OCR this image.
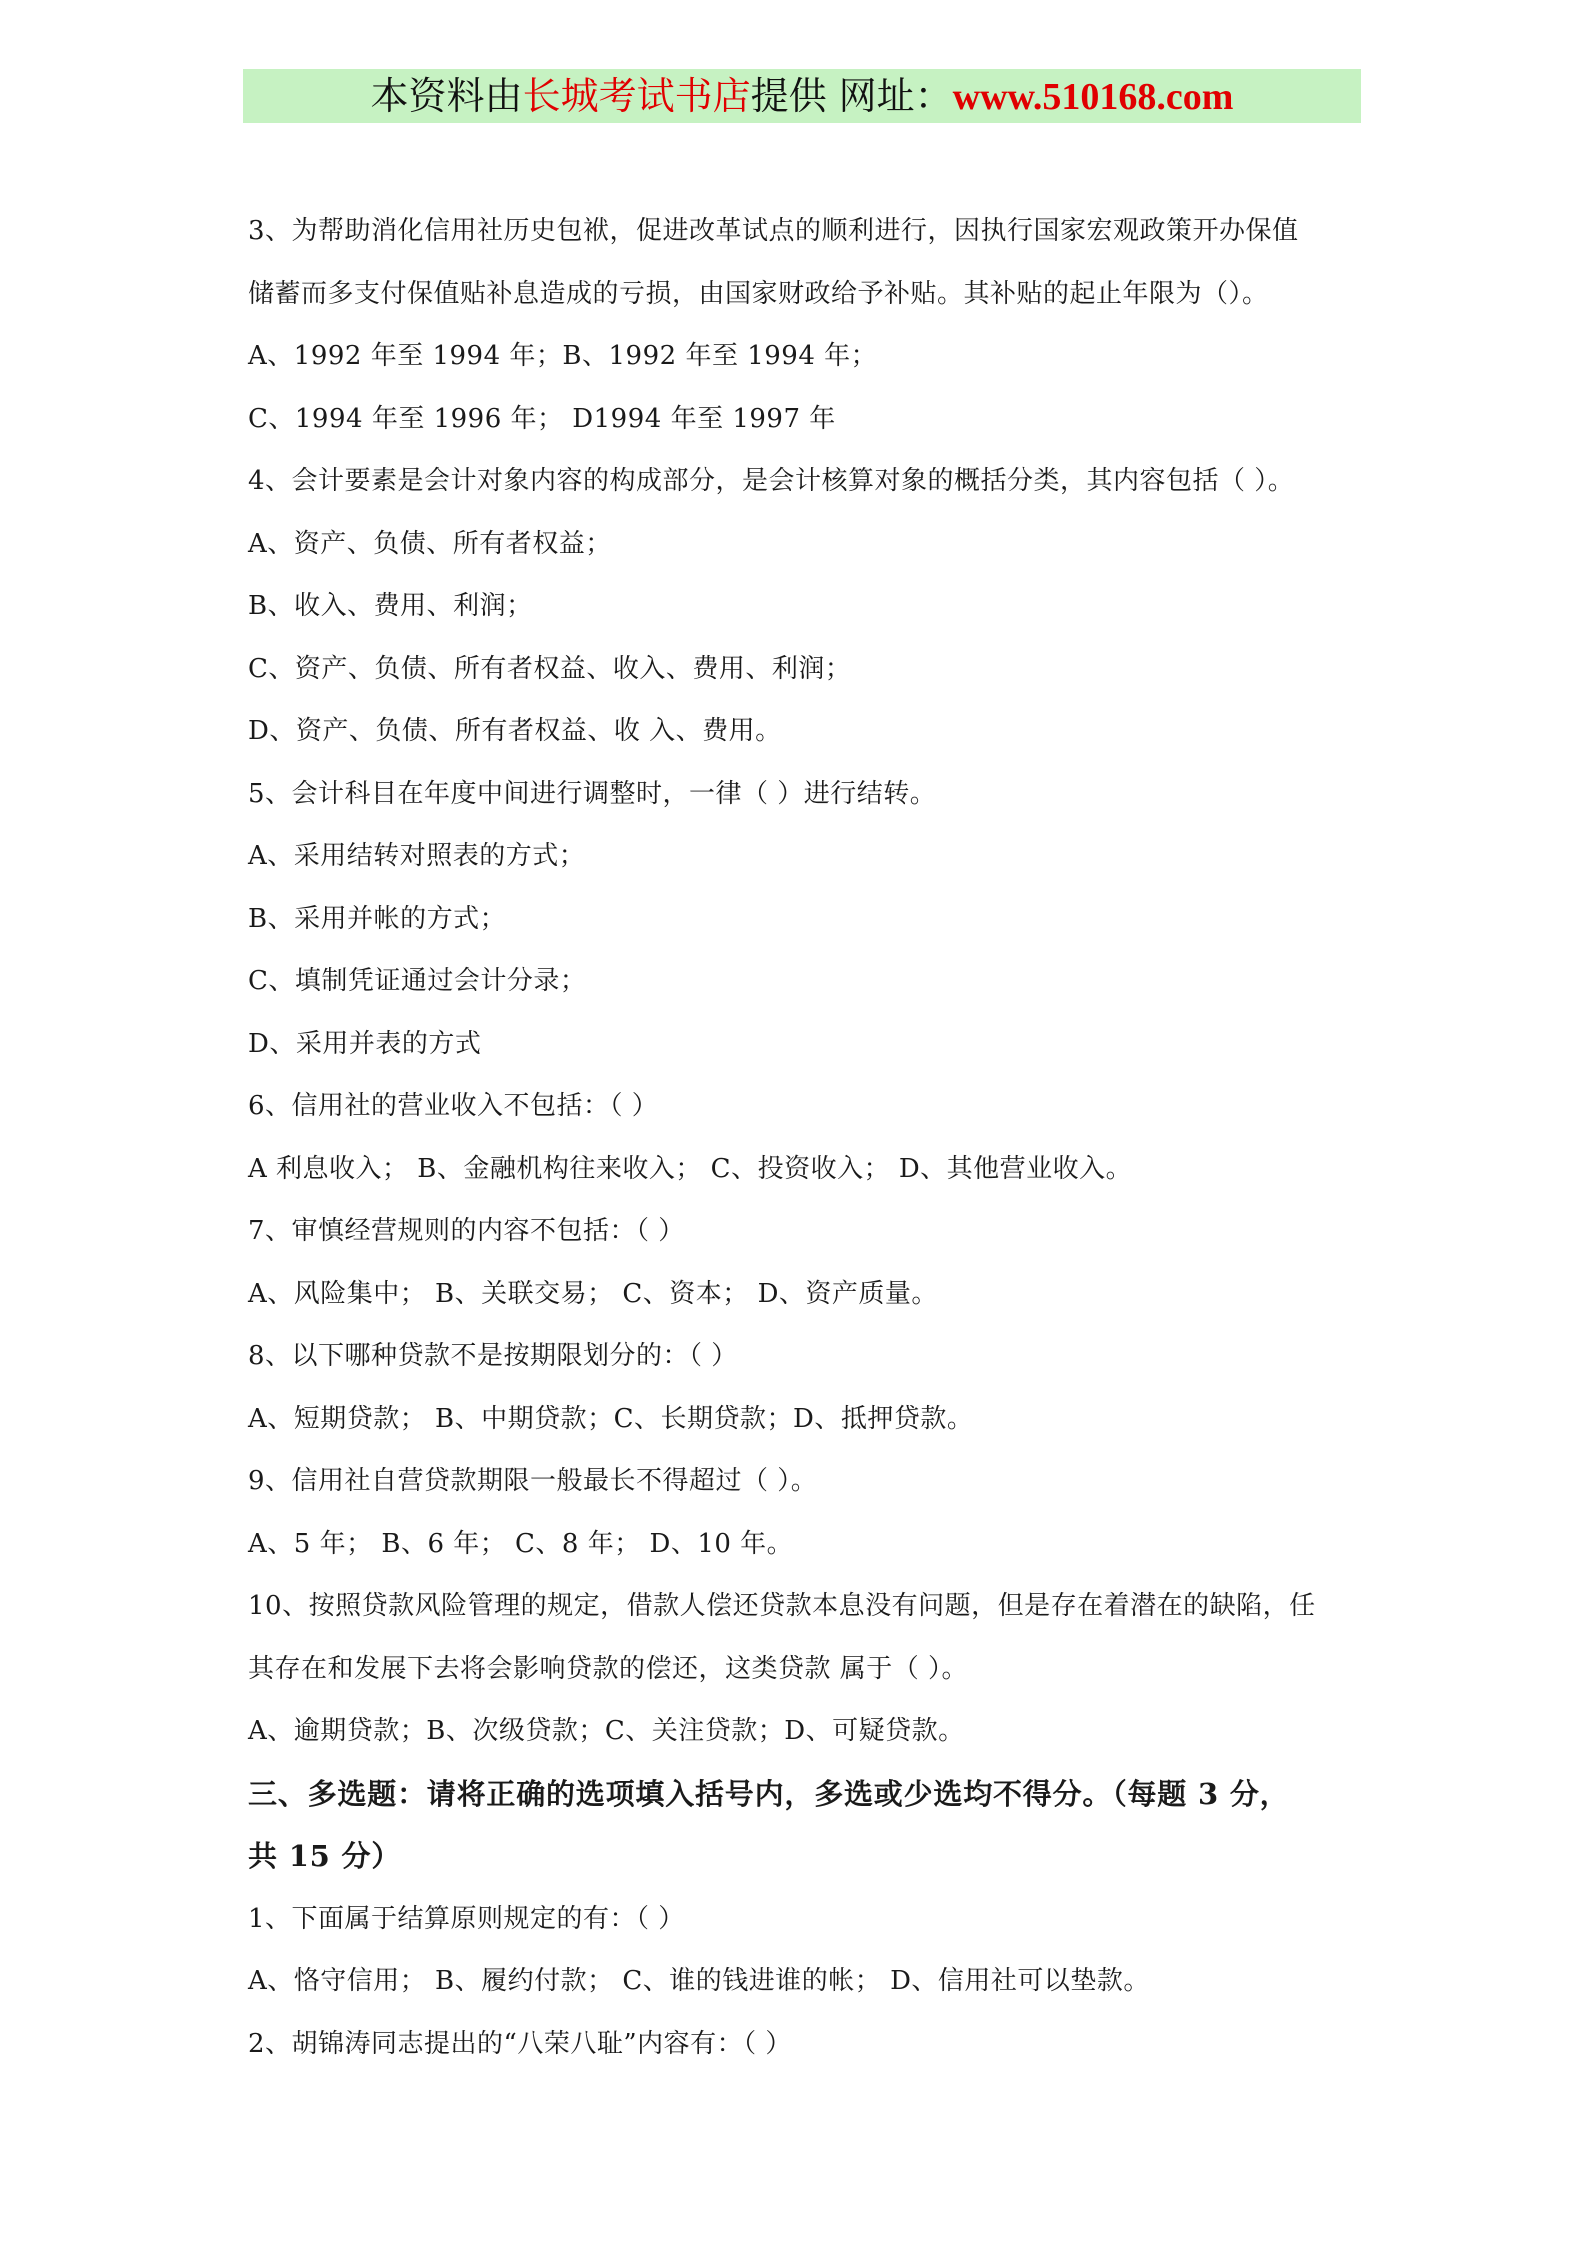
本资料由长城考试书店提供 网址：www.510168.com
3、为帮助消化信用社历史包袱，促进改革试点的顺利进行，因执行国家宏观政策开办保值
储蓄而多支付保值贴补息造成的亏损，由国家财政给予补贴。其补贴的起止年限为（）。
A、1992 年至 1994 年；B、1992 年至 1994 年；
C、1994 年至 1996 年； D1994 年至 1997 年
4、会计要素是会计对象内容的构成部分，是会计核算对象的概括分类，其内容包括（ ）。
A、资产、负债、所有者权益；
B、收入、费用、利润；
C、资产、负债、所有者权益、收入、费用、利润；
D、资产、负债、所有者权益、收 入、费用。
5、会计科目在年度中间进行调整时，一律（ ）进行结转。
A、采用结转对照表的方式；
B、采用并帐的方式；
C、填制凭证通过会计分录；
D、采用并表的方式
6、信用社的营业收入不包括：（ ）
A 利息收入； B、金融机构往来收入； C、投资收入； D、其他营业收入。
7、审慎经营规则的内容不包括：（ ）
A、风险集中； B、关联交易； C、资本； D、资产质量。
8、以下哪种贷款不是按期限划分的：（ ）
A、短期贷款； B、中期贷款；C、长期贷款；D、抵押贷款。
9、信用社自营贷款期限一般最长不得超过（ ）。
A、5 年； B、6 年； C、8 年； D、10 年。
10、按照贷款风险管理的规定，借款人偿还贷款本息没有问题，但是存在着潜在的缺陷，任
其存在和发展下去将会影响贷款的偿还，这类贷款 属于（ ）。
A、逾期贷款；B、次级贷款；C、关注贷款；D、可疑贷款。
三、多选题：请将正确的选项填入括号内，多选或少选均不得分。（每题 3 分，
共 15 分）
1、下面属于结算原则规定的有：（ ）
A、恪守信用； B、履约付款； C、谁的钱进谁的帐； D、信用社可以垫款。
2、胡锦涛同志提出的“八荣八耻”内容有：（ ）
